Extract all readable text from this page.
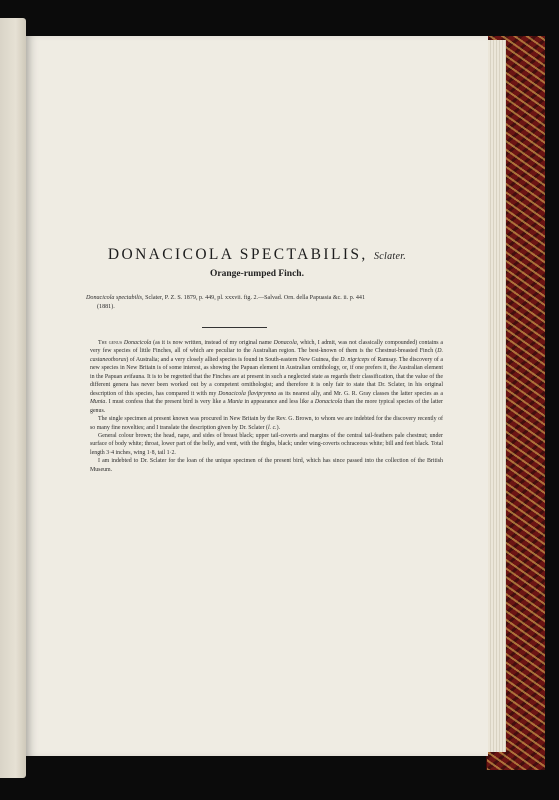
DONACICOLA SPECTABILIS, Sclater.
Orange-rumped Finch.
Donacicola spectabilis, Sclater, P. Z. S. 1879, p. 449, pl. xxxvii. fig. 2.—Salvad. Orn. della Papuasia &c. ii. p. 441
(1881).

The genus Donacicola (as it is now written, instead of my original name Donacola, which, I admit, was not classically compounded) contains a very few species of little Finches, all of which are peculiar to the Australian region. The best-known of them is the Chestnut-breasted Finch (D. castaneothorax) of Australia; and a very closely allied species is found in South-eastern New Guinea, the D. nigriceps of Ramsay. The discovery of a new species in New Britain is of some interest, as showing the Papuan element in Australian ornithology, or, if one prefers it, the Australian element in the Papuan avifauna. It is to be regretted that the Finches are at present in such a neglected state as regards their classification, that the value of the different genera has never been worked out by a competent ornithologist; and therefore it is only fair to state that Dr. Sclater, in his original description of this species, has compared it with my Donacicola flaviprymna as its nearest ally, and Mr. G. R. Gray classes the latter species as a Munia. I must confess that the present bird is very like a Munia in appearance and less like a Donacicola than the more typical species of the latter genus.

The single specimen at present known was procured in New Britain by the Rev. G. Brown, to whom we are indebted for the discovery recently of so many fine novelties; and I translate the description given by Dr. Sclater (l. c.).

General colour brown; the head, nape, and sides of breast black; upper tail-coverts and margins of the central tail-feathers pale chestnut; under surface of body white; throat, lower part of the belly, and vent, with the thighs, black; under wing-coverts ochraceous white; bill and feet black. Total length 3·4 inches, wing 1·8, tail 1·2.

I am indebted to Dr. Sclater for the loan of the unique specimen of the present bird, which has since passed into the collection of the British Museum.
